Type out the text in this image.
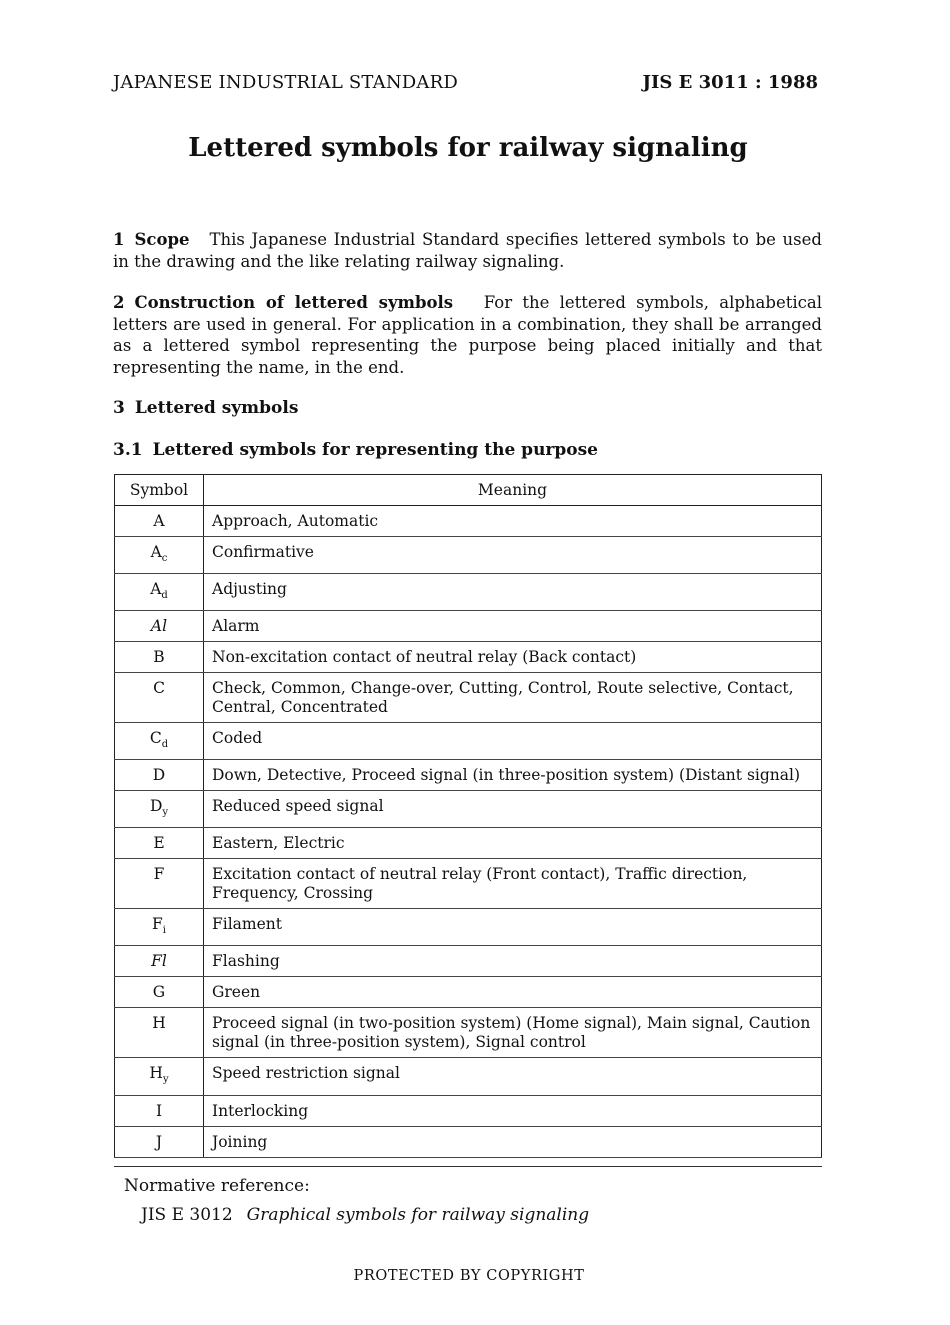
JAPANESE INDUSTRIAL STANDARD	JIS E 3011 : 1988
Lettered symbols for railway signaling
1 Scope This Japanese Industrial Standard specifies lettered symbols to be used in the drawing and the like relating railway signaling.
2 Construction of lettered symbols For the lettered symbols, alphabetical letters are used in general. For application in a combination, they shall be arranged as a lettered symbol representing the purpose being placed initially and that representing the name, in the end.
3 Lettered symbols
3.1 Lettered symbols for representing the purpose
Symbol	Meaning
A	Approach, Automatic
$A_c$	Confirmative
$A_d$	Adjusting
Al	Alarm
B	Non-excitation contact of neutral relay (Back contact)
C	Check, Common, Change-over, Cutting, Control, Route selective, Contact, Central, Concentrated
$C_d$	Coded
D	Down, Detective, Proceed signal (in three-position system) (Distant signal)
$D_y$	Reduced speed signal
E	Eastern, Electric
F	Excitation contact of neutral relay (Front contact), Traffic direction, Frequency, Crossing
$F_i$	Filament
Fl	Flashing
G	Green
H	Proceed signal (in two-position system) (Home signal), Main signal, Caution signal (in three-position system), Signal control
$H_y$	Speed restriction signal
I	Interlocking
J	Joining
Normative reference:
JIS E 3012 Graphical symbols for railway signaling
PROTECTED BY COPYRIGHT
